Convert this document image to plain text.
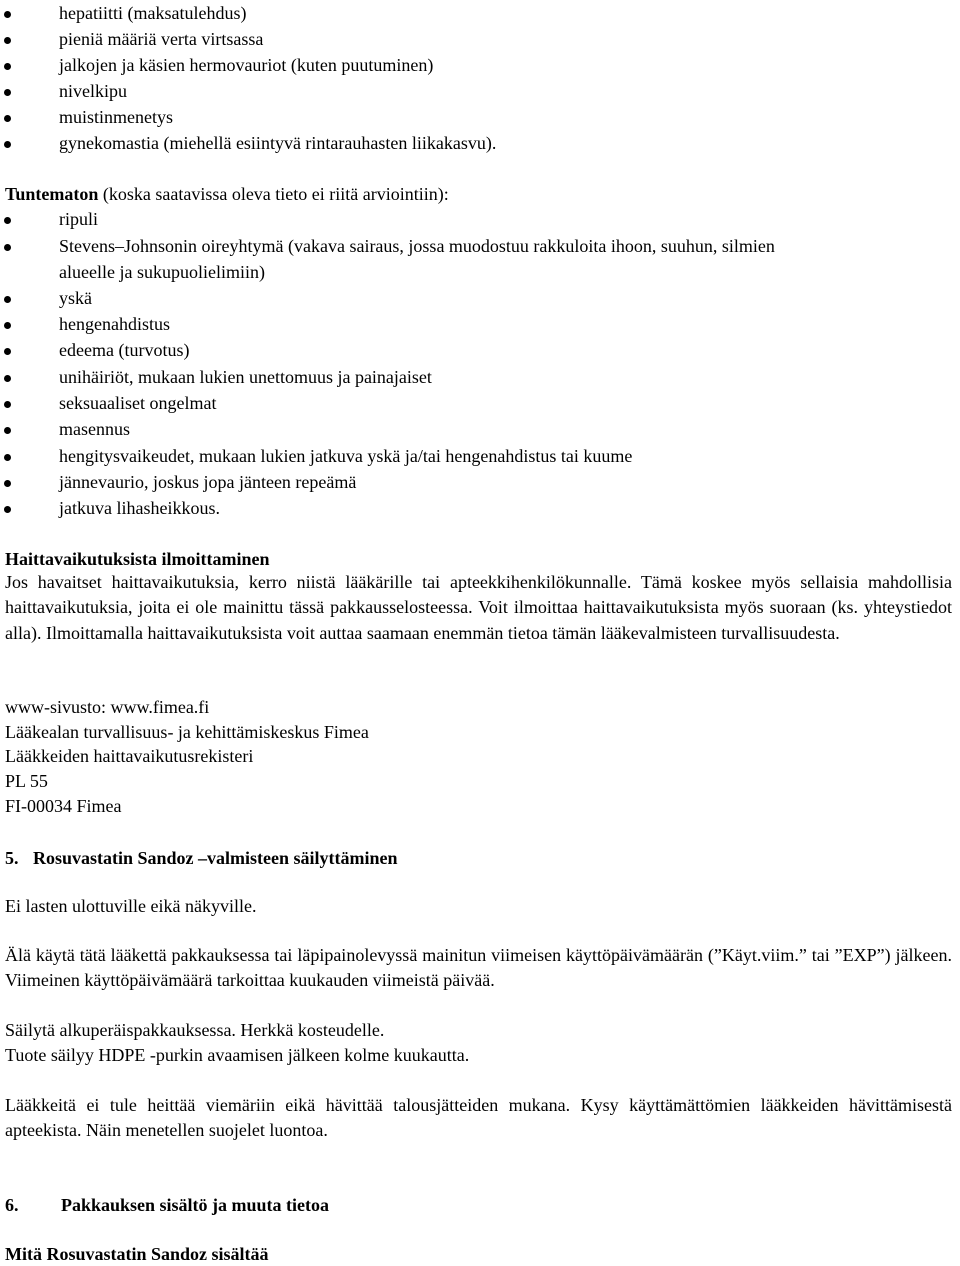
hepatiitti (maksatulehdus)
pieniä määriä verta virtsassa
jalkojen ja käsien hermovauriot (kuten puutuminen)
nivelkipu
muistinmenetys
gynekomastia (miehellä esiintyvä rintarauhasten liikakasvu).
Tuntematon (koska saatavissa oleva tieto ei riitä arviointiin):
ripuli
Stevens–Johnsonin oireyhtymä (vakava sairaus, jossa muodostuu rakkuloita ihoon, suuhun, silmien
alueelle ja sukupuolielimiin)
yskä
hengenahdistus
edeema (turvotus)
unihäiriöt, mukaan lukien unettomuus ja painajaiset
seksuaaliset ongelmat
masennus
hengitysvaikeudet, mukaan lukien jatkuva yskä ja/tai hengenahdistus tai kuume
jännevaurio, joskus jopa jänteen repeämä
jatkuva lihasheikkous.
Haittavaikutuksista ilmoittaminen
Jos havaitset haittavaikutuksia, kerro niistä lääkärille tai apteekkihenkilökunnalle. Tämä koskee myös sellaisia mahdollisia haittavaikutuksia, joita ei ole mainittu tässä pakkausselosteessa. Voit ilmoittaa haittavaikutuksista myös suoraan (ks. yhteystiedot alla). Ilmoittamalla haittavaikutuksista voit auttaa saamaan enemmän tietoa tämän lääkevalmisteen turvallisuudesta.
www-sivusto: www.fimea.fi
Lääkealan turvallisuus- ja kehittämiskeskus Fimea
Lääkkeiden haittavaikutusrekisteri
PL 55
FI-00034 Fimea
5. Rosuvastatin Sandoz –valmisteen säilyttäminen
Ei lasten ulottuville eikä näkyville.
Älä käytä tätä lääkettä pakkauksessa tai läpipainolevyssä mainitun viimeisen käyttöpäivämäärän (”Käyt.viim.” tai ”EXP”) jälkeen. Viimeinen käyttöpäivämäärä tarkoittaa kuukauden viimeistä päivää.
Säilytä alkuperäispakkauksessa. Herkkä kosteudelle.
Tuote säilyy HDPE -purkin avaamisen jälkeen kolme kuukautta.
Lääkkeitä ei tule heittää viemäriin eikä hävittää talousjätteiden mukana. Kysy käyttämättömien lääkkeiden hävittämisestä apteekista. Näin menetellen suojelet luontoa.
6. Pakkauksen sisältö ja muuta tietoa
Mitä Rosuvastatin Sandoz sisältää
